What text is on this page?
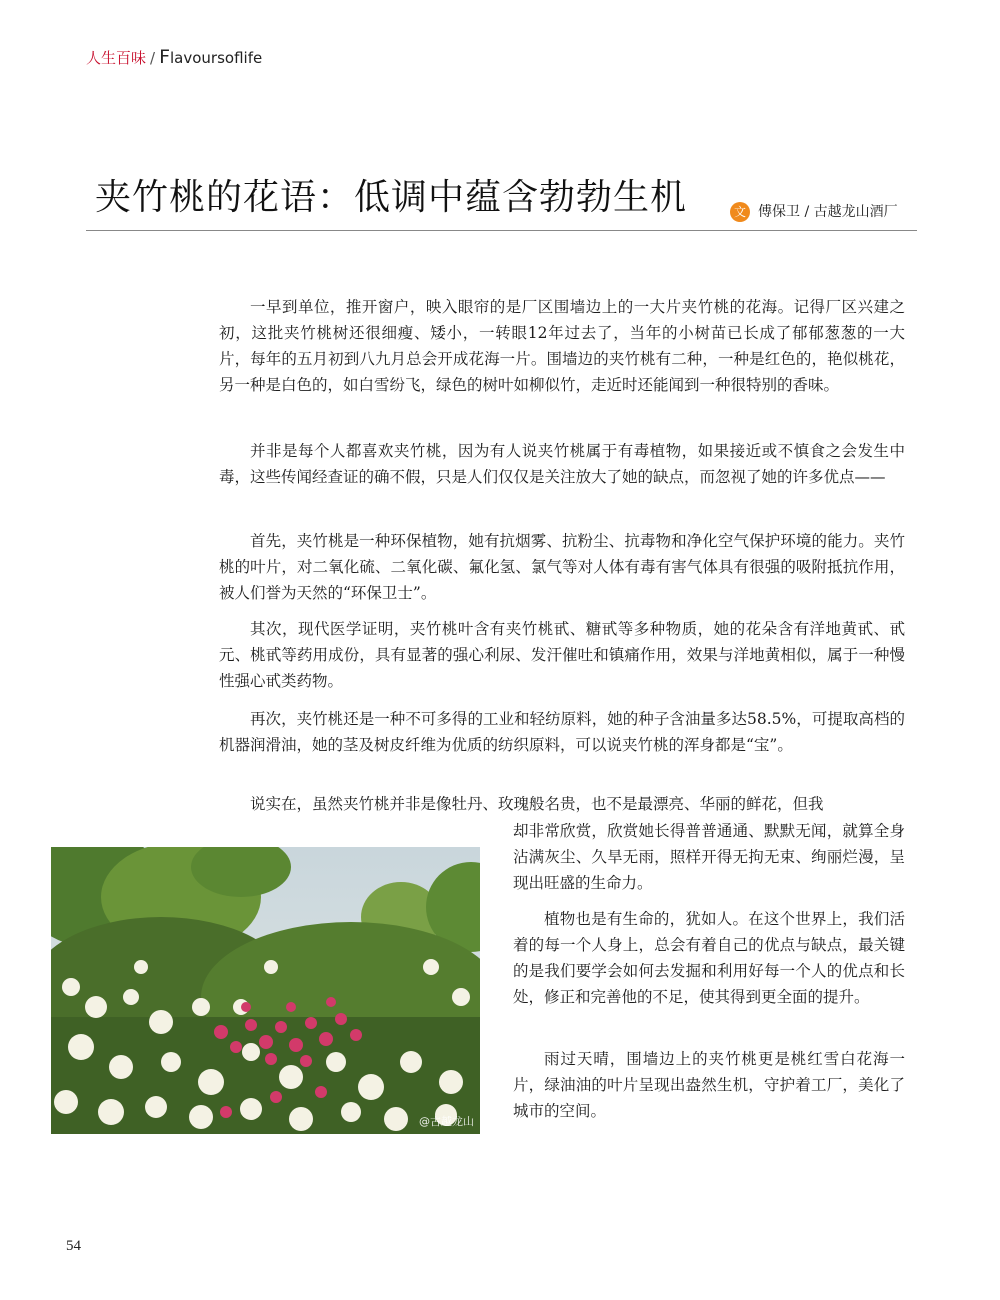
人生百味 / Flavoursoflife
夹竹桃的花语：低调中蕴含勃勃生机	文 傅保卫 / 古越龙山酒厂

一早到单位，推开窗户，映入眼帘的是厂区围墙边上的一大片夹竹桃的花海。记得厂区兴建之初，这批夹竹桃树还很细瘦、矮小，一转眼12年过去了，当年的小树苗已长成了郁郁葱葱的一大片，每年的五月初到八九月总会开成花海一片。围墙边的夹竹桃有二种，一种是红色的，艳似桃花，另一种是白色的，如白雪纷飞，绿色的树叶如柳似竹，走近时还能闻到一种很特别的香味。

并非是每个人都喜欢夹竹桃，因为有人说夹竹桃属于有毒植物，如果接近或不慎食之会发生中毒，这些传闻经查证的确不假，只是人们仅仅是关注放大了她的缺点，而忽视了她的许多优点——

首先，夹竹桃是一种环保植物，她有抗烟雾、抗粉尘、抗毒物和净化空气保护环境的能力。夹竹桃的叶片，对二氧化硫、二氧化碳、氟化氢、氯气等对人体有毒有害气体具有很强的吸附抵抗作用，被人们誉为天然的“环保卫士”。

其次，现代医学证明，夹竹桃叶含有夹竹桃甙、糖甙等多种物质，她的花朵含有洋地黄甙、甙元、桃甙等药用成份，具有显著的强心利尿、发汗催吐和镇痛作用，效果与洋地黄相似，属于一种慢性强心甙类药物。

再次，夹竹桃还是一种不可多得的工业和轻纺原料，她的种子含油量多达58.5%，可提取高档的机器润滑油，她的茎及树皮纤维为优质的纺织原料，可以说夹竹桃的浑身都是“宝”。

说实在，虽然夹竹桃并非是像牡丹、玫瑰般名贵，也不是最漂亮、华丽的鲜花，但我

却非常欣赏，欣赏她长得普普通通、默默无闻，就算全身沾满灰尘、久旱无雨，照样开得无拘无束、绚丽烂漫，呈现出旺盛的生命力。

植物也是有生命的，犹如人。在这个世界上，我们活着的每一个人身上，总会有着自己的优点与缺点，最关键的是我们要学会如何去发掘和利用好每一个人的优点和长处，修正和完善他的不足，使其得到更全面的提升。

雨过天晴，围墙边上的夹竹桃更是桃红雪白花海一片，绿油油的叶片呈现出盎然生机，守护着工厂，美化了城市的空间。

@古越龙山
54
